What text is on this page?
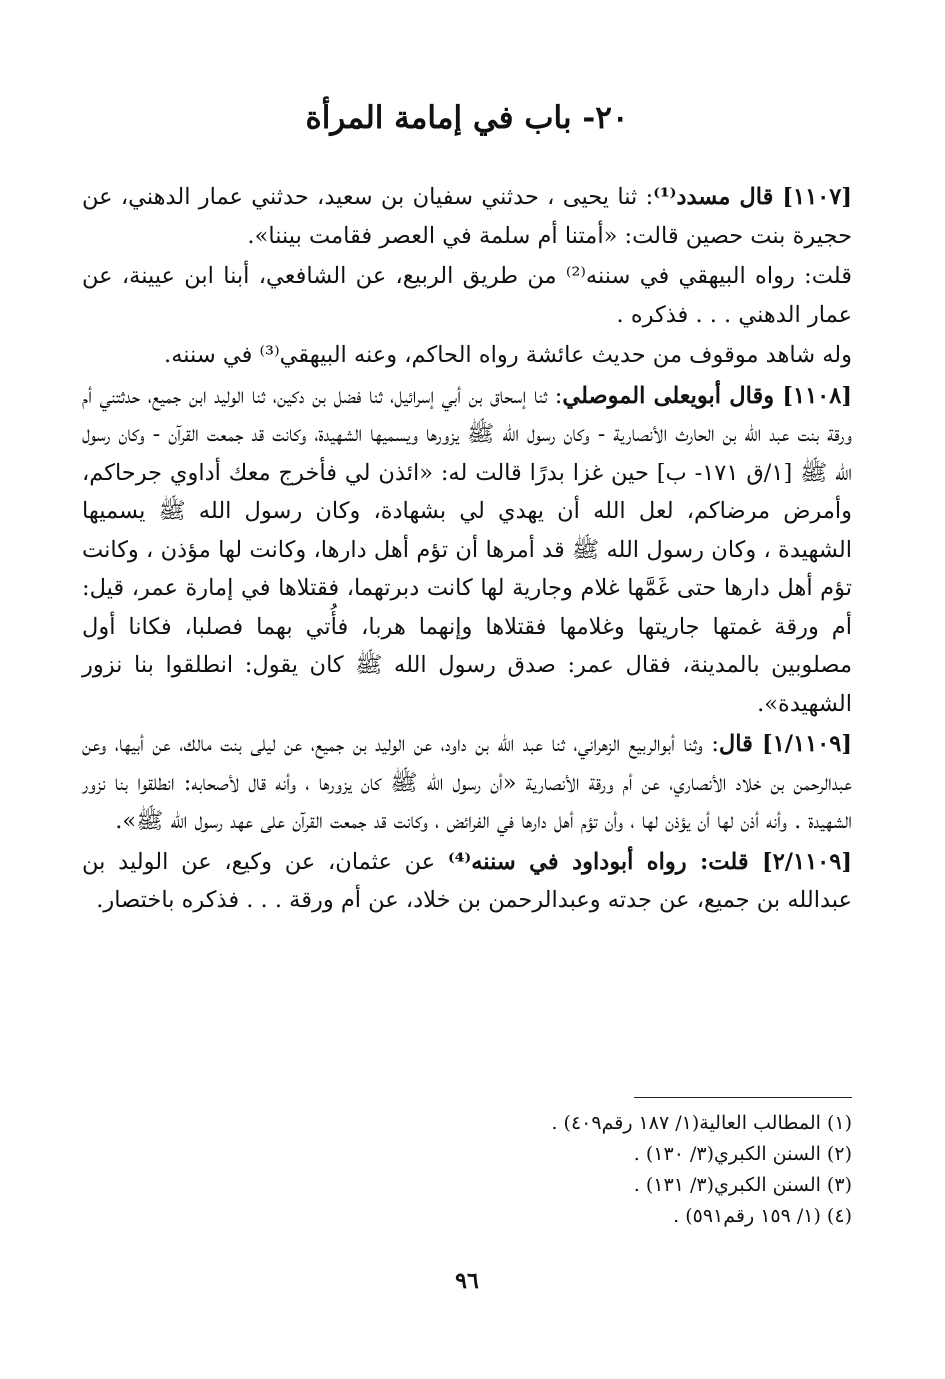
٢٠- باب في إمامة المرأة

[١١٠٧] قال مسدد⁽¹⁾: ثنا يحيى ، حدثني سفيان بن سعيد، حدثني عمار الدهني، عن حجيرة بنت حصين قالت: «أمتنا أم سلمة في العصر فقامت بيننا».

قلت: رواه البيهقي في سننه⁽²⁾ من طريق الربيع، عن الشافعي، أبنا ابن عيينة، عن عمار الدهني . . . فذكره .

وله شاهد موقوف من حديث عائشة رواه الحاكم، وعنه البيهقي⁽³⁾ في سننه.

[١١٠٨] وقال أبويعلى الموصلي: ثنا إسحاق بن أبي إسرائيل، ثنا فضل بن دكين، ثنا الوليد ابن جميع، حدثتني أم ورقة بنت عبد الله بن الحارث الأنصارية - وكان رسول الله ﷺ يزورها ويسميها الشهيدة، وكانت قد جمعت القرآن - وكان رسول الله ﷺ [١/ق ١٧١- ب] حين غزا بدرًا قالت له: «ائذن لي فأخرج معك أداوي جرحاكم، وأمرض مرضاكم، لعل الله أن يهدي لي بشهادة، وكان رسول الله ﷺ يسميها الشهيدة ، وكان رسول الله ﷺ قد أمرها أن تؤم أهل دارها، وكانت لها مؤذن ، وكانت تؤم أهل دارها حتى غَمَّها غلام وجارية لها كانت دبرتهما، فقتلاها في إمارة عمر، قيل: أم ورقة غمتها جاريتها وغلامها فقتلاها وإنهما هربا، فأُتي بهما فصلبا، فكانا أول مصلوبين بالمدينة، فقال عمر: صدق رسول الله ﷺ كان يقول: انطلقوا بنا نزور الشهيدة».

[١/١١٠٩] قال: وثنا أبوالربيع الزهراني، ثنا عبد الله بن داود، عن الوليد بن جميع، عن ليلى بنت مالك، عن أبيها، وعن عبدالرحمن بن خلاد الأنصاري، عن أم ورقة الأنصارية «أن رسول الله ﷺ كان يزورها ، وأنه قال لأصحابه: انطلقوا بنا نزور الشهيدة . وأنه أذن لها أن يؤذن لها ، وأن تؤم أهل دارها في الفرائض ، وكانت قد جمعت القرآن على عهد رسول الله ﷺ».

[٢/١١٠٩] قلت: رواه أبوداود في سننه⁽⁴⁾ عن عثمان، عن وكيع، عن الوليد بن عبدالله بن جميع، عن جدته وعبدالرحمن بن خلاد، عن أم ورقة . . . فذكره باختصار.

(١) المطالب العالية(١/ ١٨٧ رقم٤٠٩) .
(٢) السنن الكبري(٣/ ١٣٠) .
(٣) السنن الكبري(٣/ ١٣١) .
(٤) (١/ ١٥٩ رقم٥٩١) .
٩٦
